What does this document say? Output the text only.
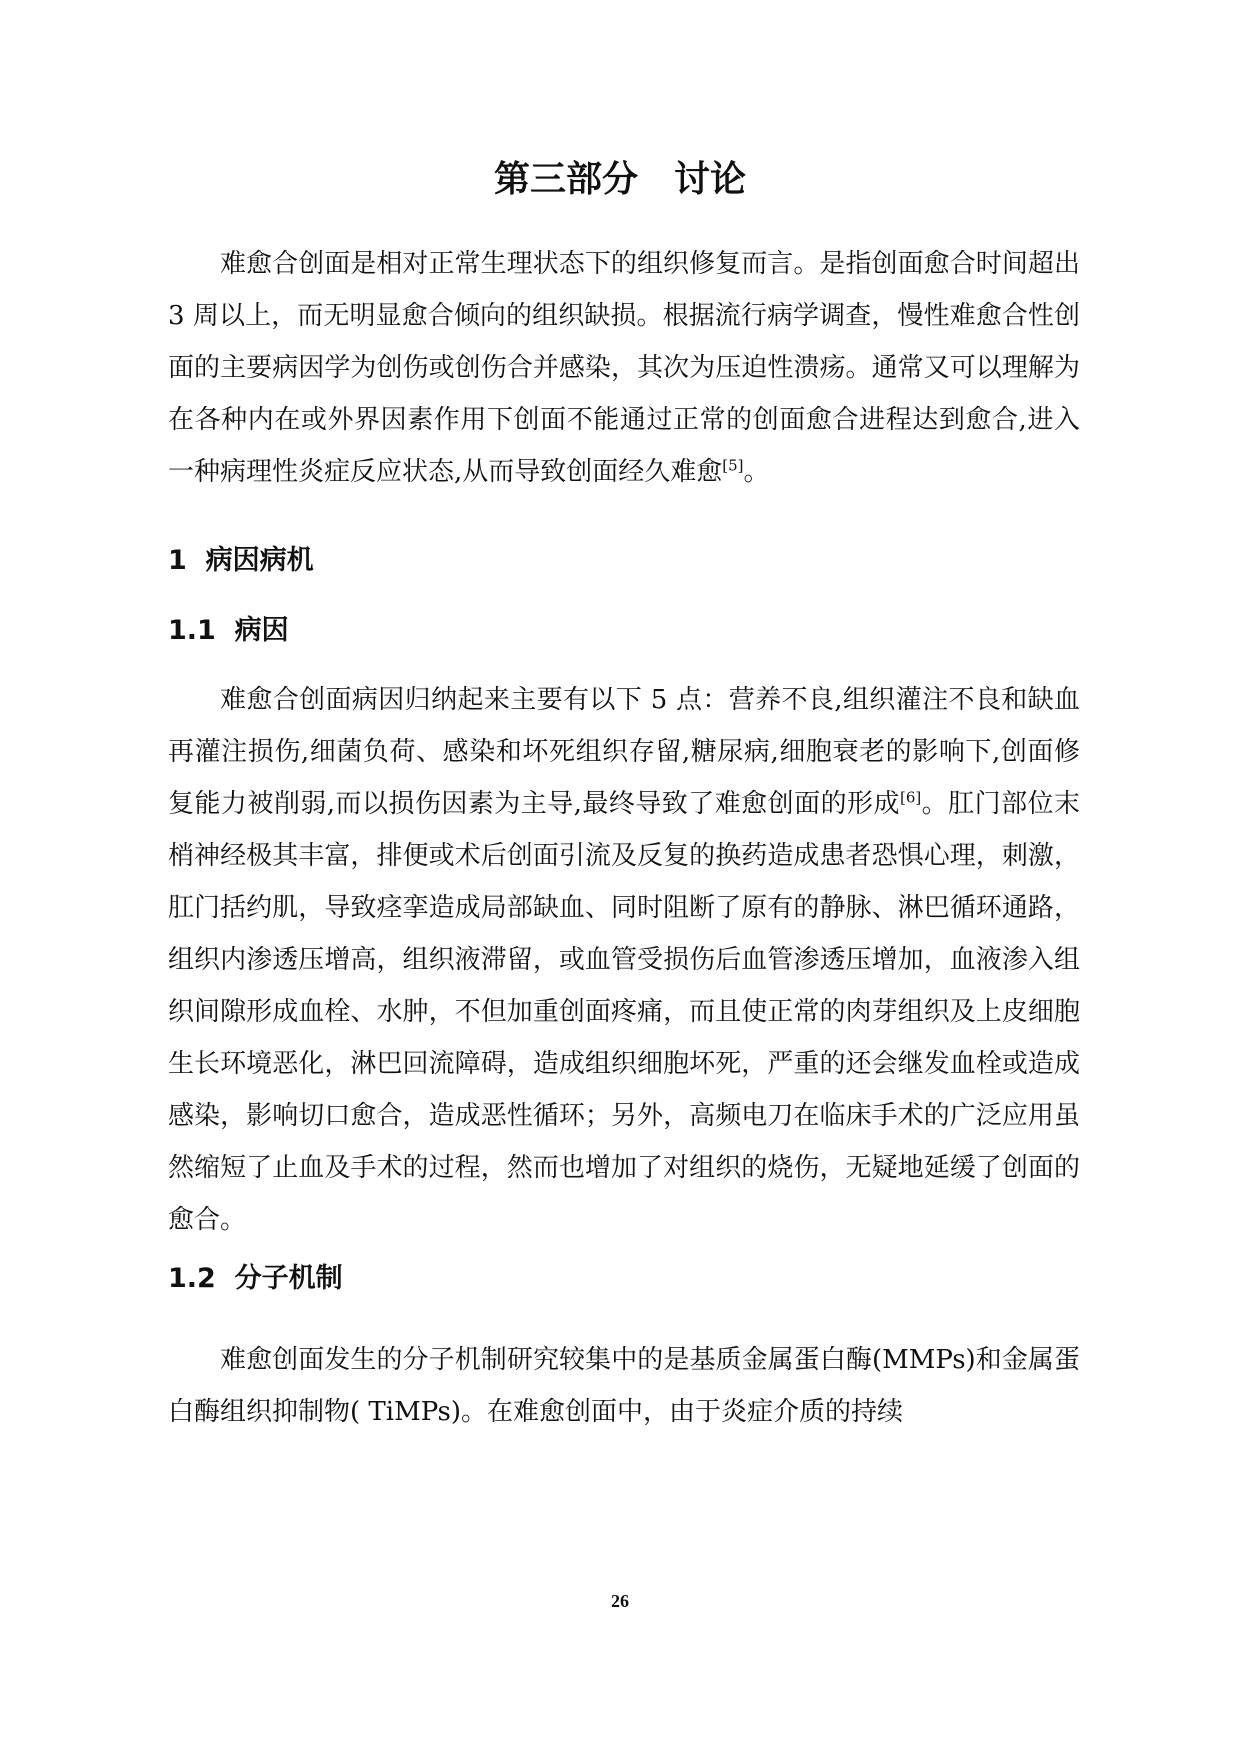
第三部分　讨论

难愈合创面是相对正常生理状态下的组织修复而言。是指创面愈合时间超出 3 周以上，而无明显愈合倾向的组织缺损。根据流行病学调查，慢性难愈合性创面的主要病因学为创伤或创伤合并感染，其次为压迫性溃疡。通常又可以理解为在各种内在或外界因素作用下创面不能通过正常的创面愈合进程达到愈合,进入一种病理性炎症反应状态,从而导致创面经久难愈[5]。

1  病因病机
1.1  病因

难愈合创面病因归纳起来主要有以下 5 点：营养不良,组织灌注不良和缺血再灌注损伤,细菌负荷、感染和坏死组织存留,糖尿病,细胞衰老的影响下,创面修复能力被削弱,而以损伤因素为主导,最终导致了难愈创面的形成[6]。肛门部位末梢神经极其丰富，排便或术后创面引流及反复的换药造成患者恐惧心理，刺激，肛门括约肌，导致痉挛造成局部缺血、同时阻断了原有的静脉、淋巴循环通路，组织内渗透压增高，组织液滞留，或血管受损伤后血管渗透压增加，血液渗入组织间隙形成血栓、水肿，不但加重创面疼痛，而且使正常的肉芽组织及上皮细胞生长环境恶化，淋巴回流障碍，造成组织细胞坏死，严重的还会继发血栓或造成感染，影响切口愈合，造成恶性循环；另外，高频电刀在临床手术的广泛应用虽然缩短了止血及手术的过程，然而也增加了对组织的烧伤，无疑地延缓了创面的愈合。

1.2  分子机制

难愈创面发生的分子机制研究较集中的是基质金属蛋白酶(MMPs)和金属蛋白酶组织抑制物( TiMPs)。在难愈创面中，由于炎症介质的持续

26
